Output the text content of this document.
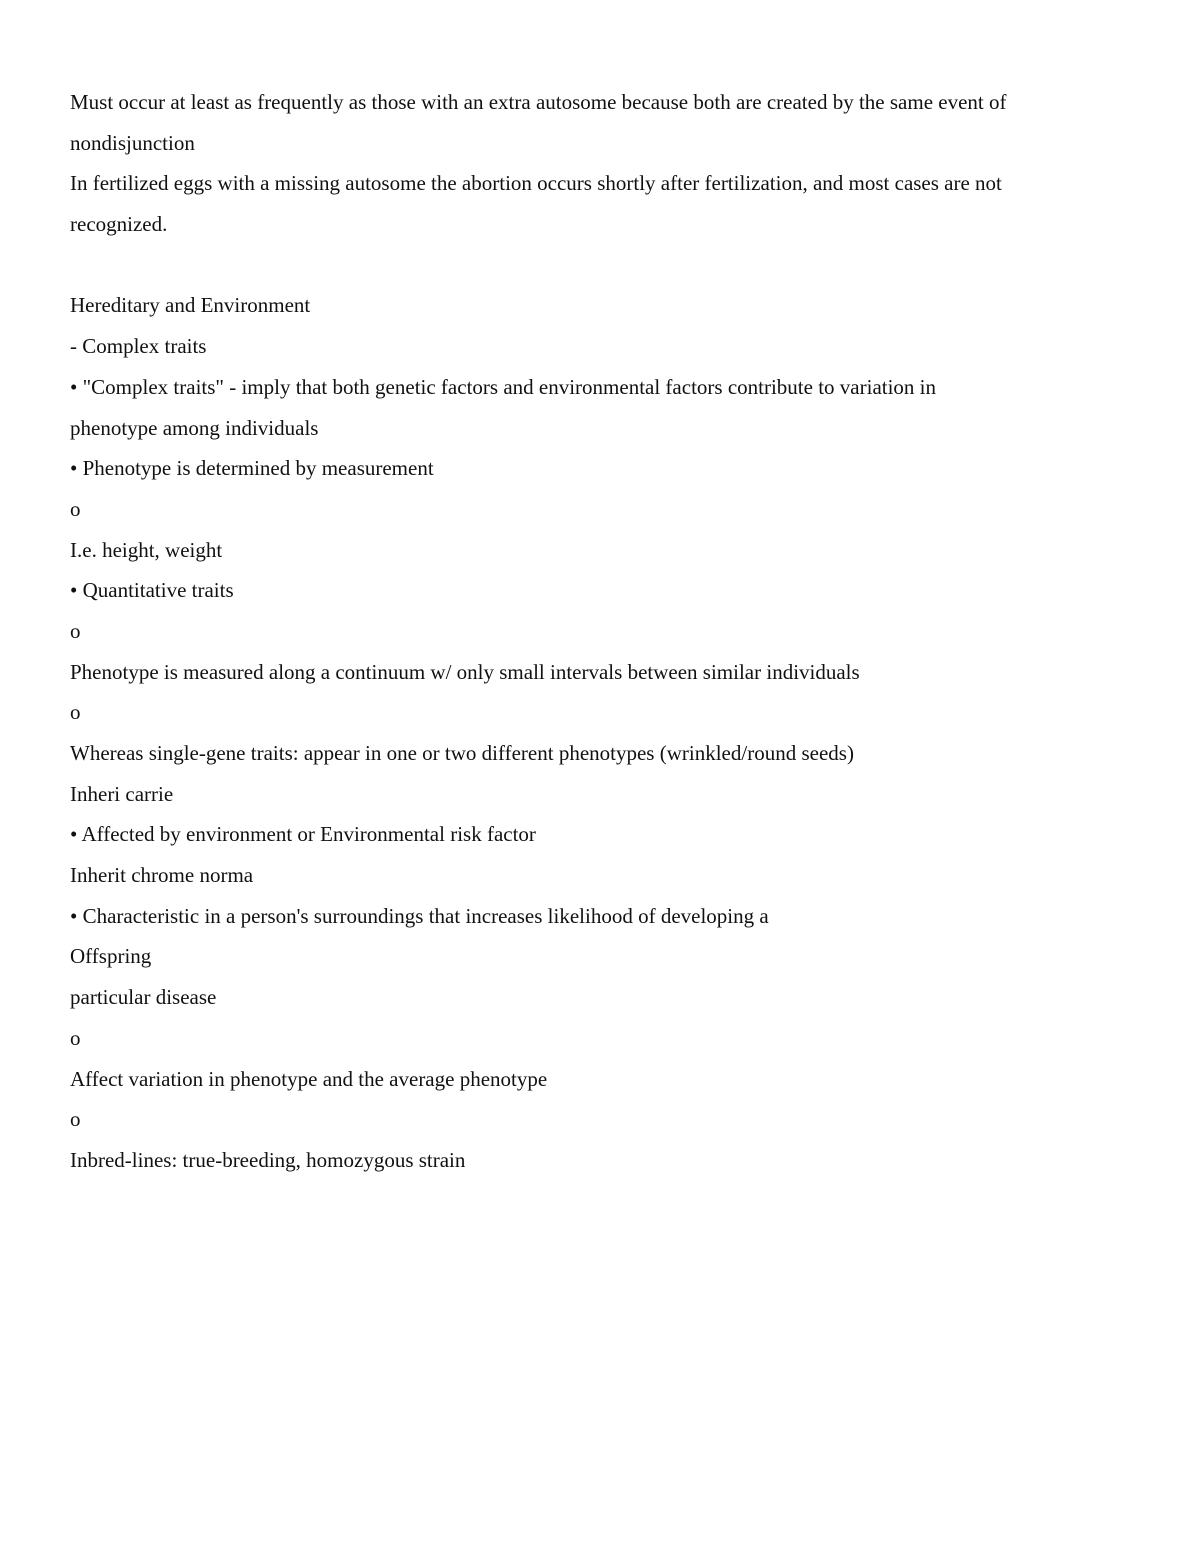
Must occur at least as frequently as those with an extra autosome because both are created by the same event of
nondisjunction
In fertilized eggs with a missing autosome the abortion occurs shortly after fertilization, and most cases are not
recognized.
Hereditary and Environment
- Complex traits
• "Complex traits" - imply that both genetic factors and environmental factors contribute to variation in
phenotype among individuals
• Phenotype is determined by measurement
o
I.e. height, weight
• Quantitative traits
o
Phenotype is measured along a continuum w/ only small intervals between similar individuals
o
Whereas single-gene traits: appear in one or two different phenotypes (wrinkled/round seeds)
Inheri carrie
• Affected by environment or Environmental risk factor
Inherit chrome norma
• Characteristic in a person's surroundings that increases likelihood of developing a
Offspring
particular disease
o
Affect variation in phenotype and the average phenotype
o
Inbred-lines: true-breeding, homozygous strain
